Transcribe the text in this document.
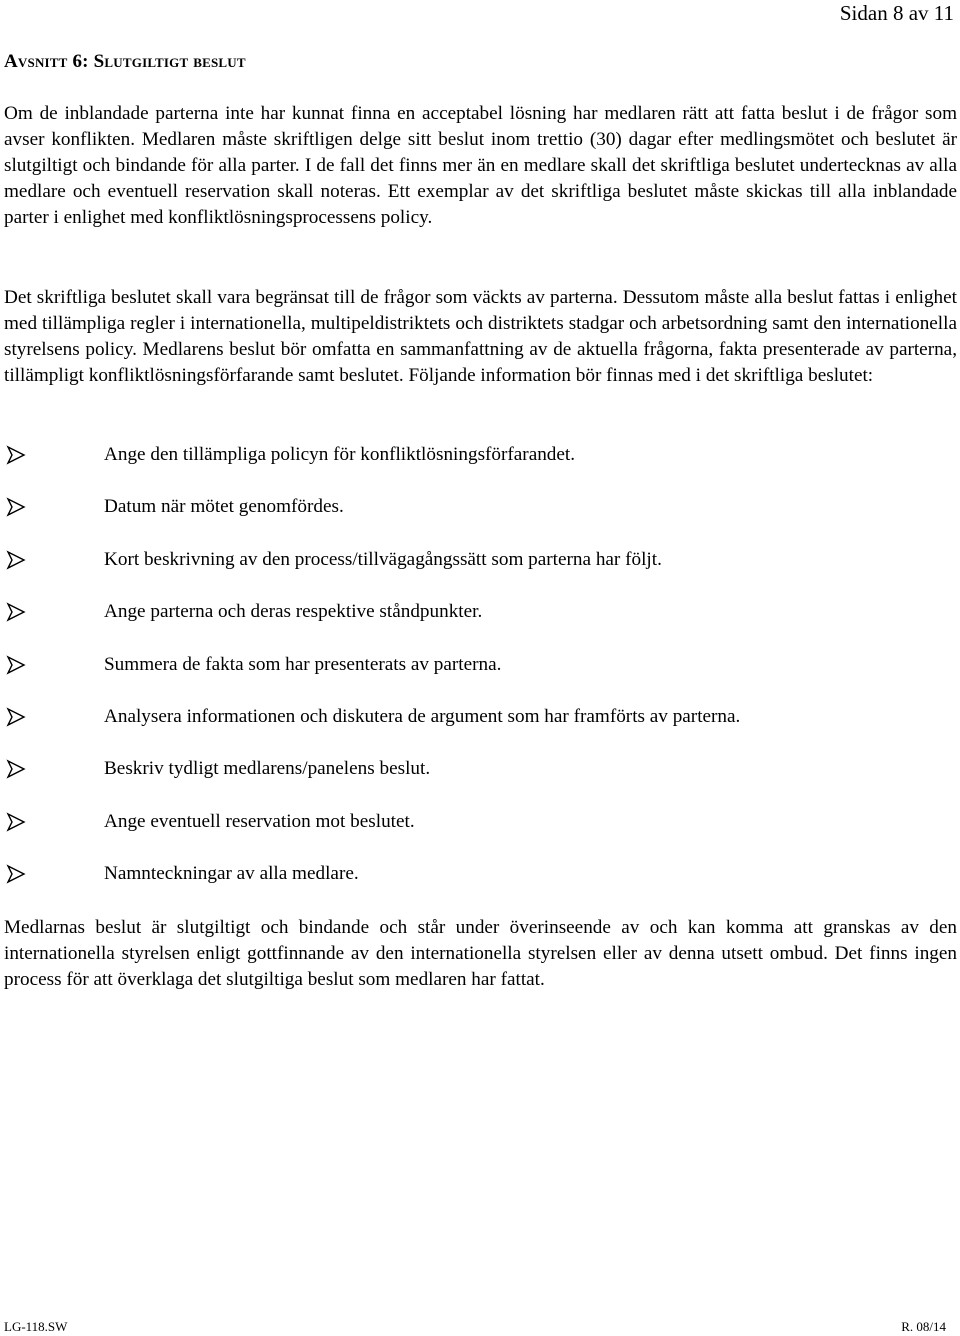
Sidan 8 av 11
Avsnitt 6: Slutgiltigt beslut
Om de inblandade parterna inte har kunnat finna en acceptabel lösning har medlaren rätt att fatta beslut i de frågor som avser konflikten. Medlaren måste skriftligen delge sitt beslut inom trettio (30) dagar efter medlingsmötet och beslutet är slutgiltigt och bindande för alla parter. I de fall det finns mer än en medlare skall det skriftliga beslutet undertecknas av alla medlare och eventuell reservation skall noteras. Ett exemplar av det skriftliga beslutet måste skickas till alla inblandade parter i enlighet med konfliktlösningsprocessens policy.
Det skriftliga beslutet skall vara begränsat till de frågor som väckts av parterna. Dessutom måste alla beslut fattas i enlighet med tillämpliga regler i internationella, multipeldistriktets och distriktets stadgar och arbetsordning samt den internationella styrelsens policy. Medlarens beslut bör omfatta en sammanfattning av de aktuella frågorna, fakta presenterade av parterna, tillämpligt konfliktlösningsförfarande samt beslutet. Följande information bör finnas med i det skriftliga beslutet:
Ange den tillämpliga policyn för konfliktlösningsförfarandet.
Datum när mötet genomfördes.
Kort beskrivning av den process/tillvägagångssätt som parterna har följt.
Ange parterna och deras respektive ståndpunkter.
Summera de fakta som har presenterats av parterna.
Analysera informationen och diskutera de argument som har framförts av parterna.
Beskriv tydligt medlarens/panelens beslut.
Ange eventuell reservation mot beslutet.
Namnteckningar av alla medlare.
Medlarnas beslut är slutgiltigt och bindande och står under överinseende av och kan komma att granskas av den internationella styrelsen enligt gottfinnande av den internationella styrelsen eller av denna utsett ombud. Det finns ingen process för att överklaga det slutgiltiga beslut som medlaren har fattat.
LG-118.SW	R. 08/14
